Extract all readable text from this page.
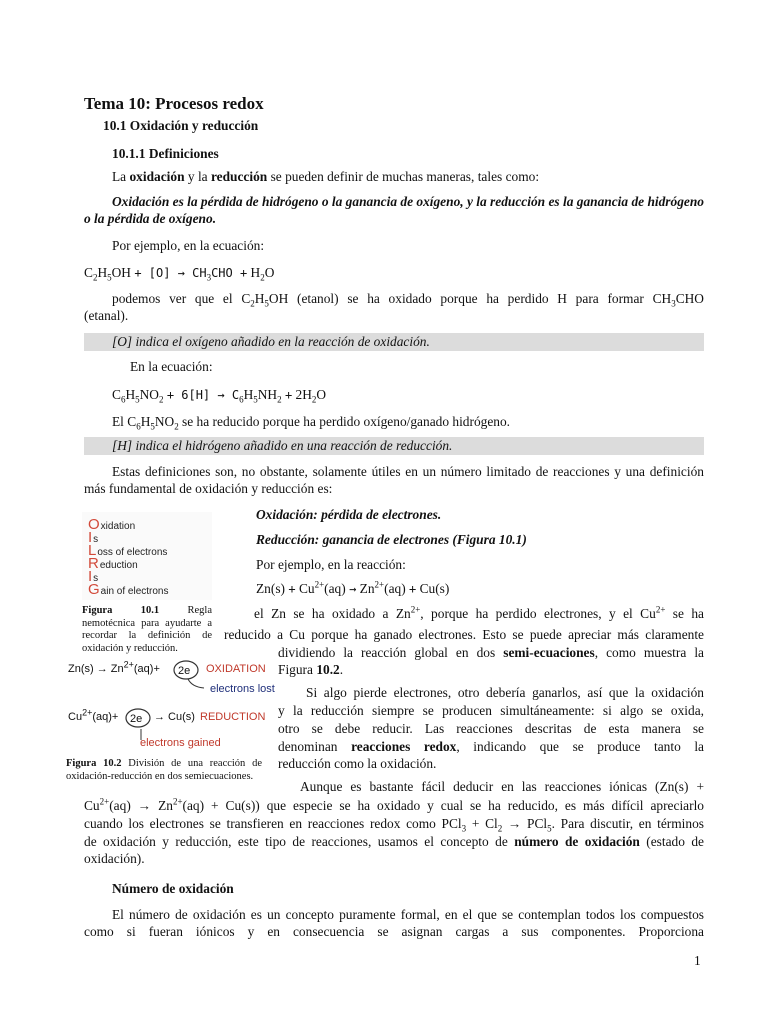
Tema 10: Procesos redox
10.1 Oxidación y reducción
10.1.1 Definiciones
La oxidación y la reducción se pueden definir de muchas maneras, tales como:
Oxidación es la pérdida de hidrógeno o la ganancia de oxígeno, y la reducción es la ganancia de hidrógeno o la pérdida de oxígeno.
Por ejemplo, en la ecuación:
$C_2H_5OH + [O] \to CH_3CHO + H_2O$
podemos ver que el $C_2H_5OH$ (etanol) se ha oxidado porque ha perdido H para formar $CH_3CHO$
(etanal).
[O] indica el oxígeno añadido en la reacción de oxidación.
En la ecuación:
$C_6H_5NO_2 + 6[H] \to C_6H_5NH_2 + 2H_2O$
El $C_6H_5NO_2$ se ha reducido porque ha perdido oxígeno/ganado hidrógeno.
[H] indica el hidrógeno añadido en una reacción de reducción.
Estas definiciones son, no obstante, solamente útiles en un número limitado de reacciones y una definición más fundamental de oxidación y reducción es:
Oxidación: pérdida de electrones.
Reducción: ganancia de electrones (Figura 10.1)
Por ejemplo, en la reacción:
$Zn(s) + Cu^{2+}(aq) \to Zn^{2+}(aq) + Cu(s)$
Oxidation
Is
Loss of electrons
Reduction
Is
Gain of electrons
Figura 10.1	Regla nemotécnica para ayudarte a recordar la definición de oxidación y reducción.
el Zn se ha oxidado a $Zn^{2+}$, porque ha perdido electrones, y el $Cu^{2+}$ se ha
reducido a Cu porque ha ganado electrones. Esto se puede apreciar más claramente
dividiendo la reacción global en dos semi-ecuaciones, como muestra la
Figura 10.2.
$Zn(s) \to Zn^{2+}(aq)+ 2e$ OXIDATION
electrons lost
$Cu^{2+}(aq)+ 2e \to Cu(s)$ REDUCTION
electrons gained
Figura 10.2 División de una reacción de oxidación-reducción en dos semiecuaciones.
Si algo pierde electrones, otro debería ganarlos, así que la oxidación
y la reducción siempre se producen simultáneamente: si algo se oxida,
otro se debe reducir. Las reacciones descritas de esta manera se
denominan reacciones redox, indicando que se produce tanto la
reducción como la oxidación.
Aunque es bastante fácil deducir en las reacciones iónicas (Zn(s) +
$Cu^{2+}(aq) \to Zn^{2+}(aq) + Cu(s)$) que especie se ha oxidado y cual se ha reducido, es más difícil apreciarlo
cuando los electrones se transfieren en reacciones redox como $PCl_3 + Cl_2 \to PCl_5$. Para discutir, en términos
de oxidación y reducción, este tipo de reacciones, usamos el concepto de número de oxidación (estado de
oxidación).
Número de oxidación
El número de oxidación es un concepto puramente formal, en el que se contemplan todos los compuestos como si fueran iónicos y en consecuencia se asignan cargas a sus componentes. Proporciona
1
